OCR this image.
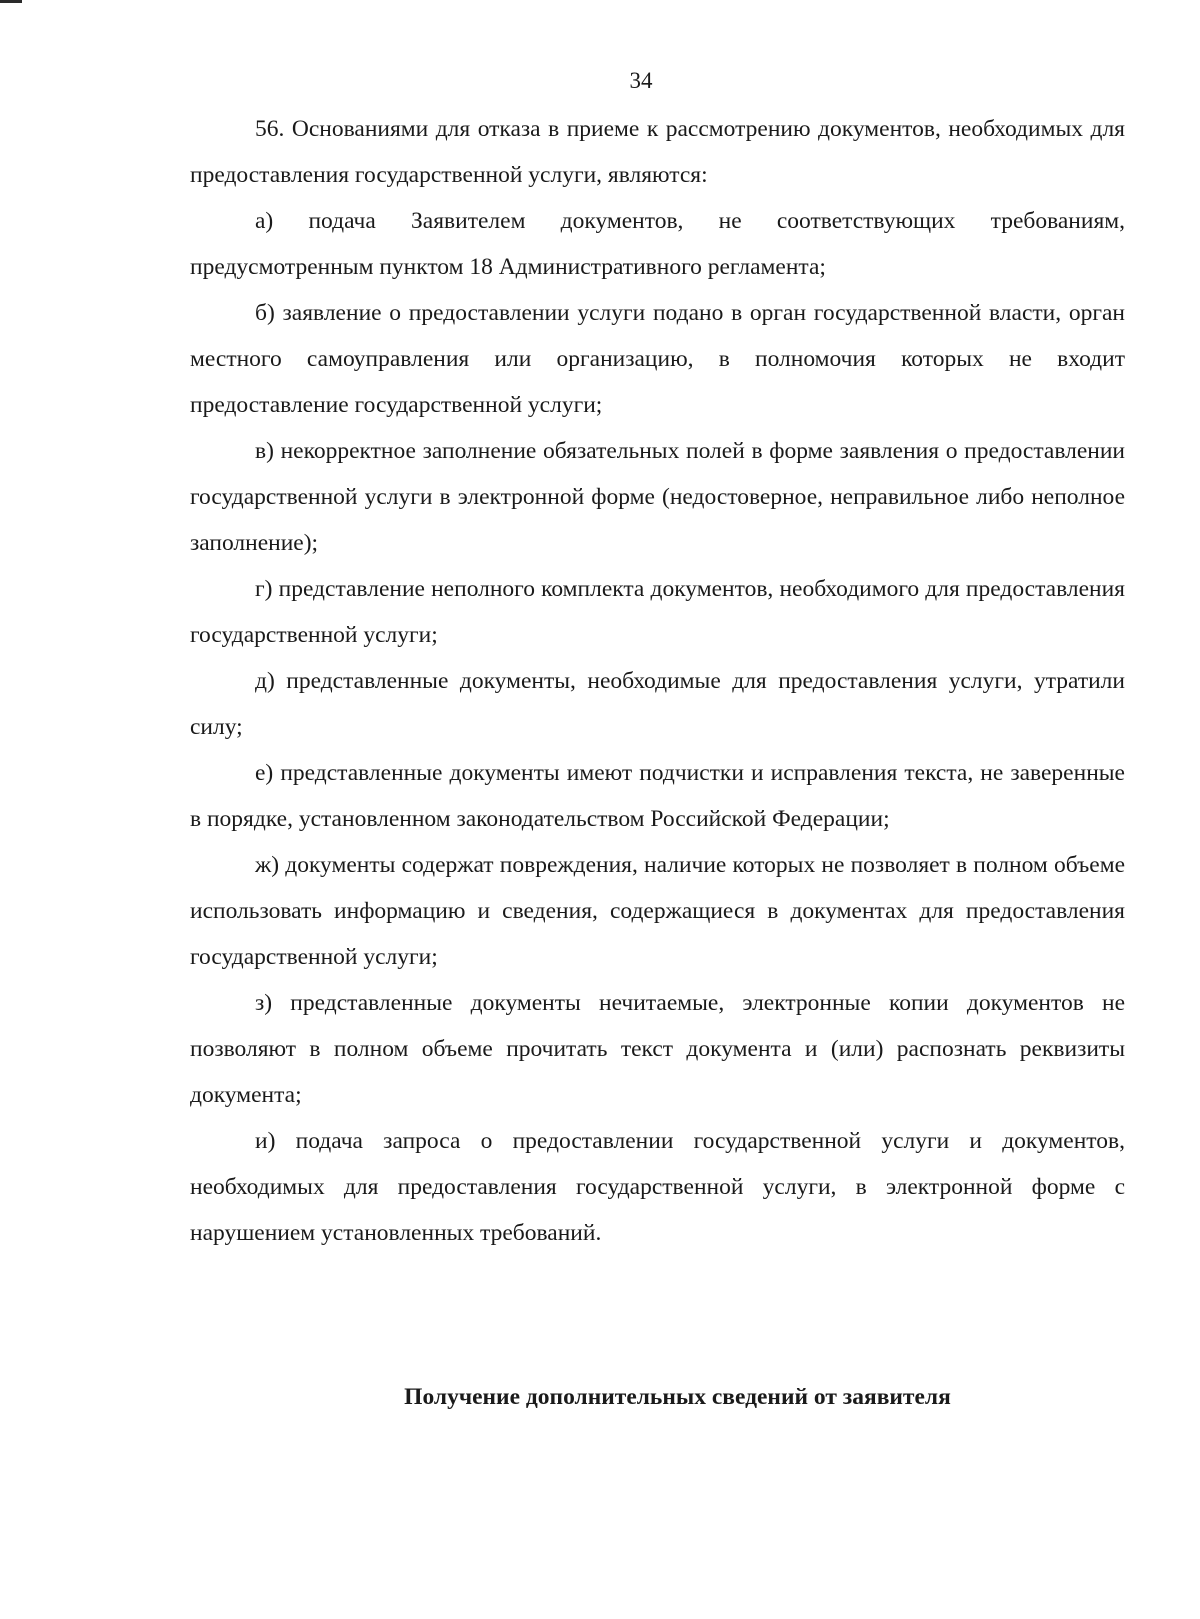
34

56. Основаниями для отказа в приеме к рассмотрению документов, необходимых для предоставления государственной услуги, являются:

а) подача Заявителем документов, не соответствующих требованиям, предусмотренным пунктом 18 Административного регламента;

б) заявление о предоставлении услуги подано в орган государственной власти, орган местного самоуправления или организацию, в полномочия которых не входит предоставление государственной услуги;

в) некорректное заполнение обязательных полей в форме заявления о предоставлении государственной услуги в электронной форме (недостоверное, неправильное либо неполное заполнение);

г) представление неполного комплекта документов, необходимого для предоставления государственной услуги;

д) представленные документы, необходимые для предоставления услуги, утратили силу;

е) представленные документы имеют подчистки и исправления текста, не заверенные в порядке, установленном законодательством Российской Федерации;

ж) документы содержат повреждения, наличие которых не позволяет в полном объеме использовать информацию и сведения, содержащиеся в документах для предоставления государственной услуги;

з) представленные документы нечитаемые, электронные копии документов не позволяют в полном объеме прочитать текст документа и (или) распознать реквизиты документа;

и) подача запроса о предоставлении государственной услуги и документов, необходимых для предоставления государственной услуги, в электронной форме с нарушением установленных требований.

Получение дополнительных сведений от заявителя
